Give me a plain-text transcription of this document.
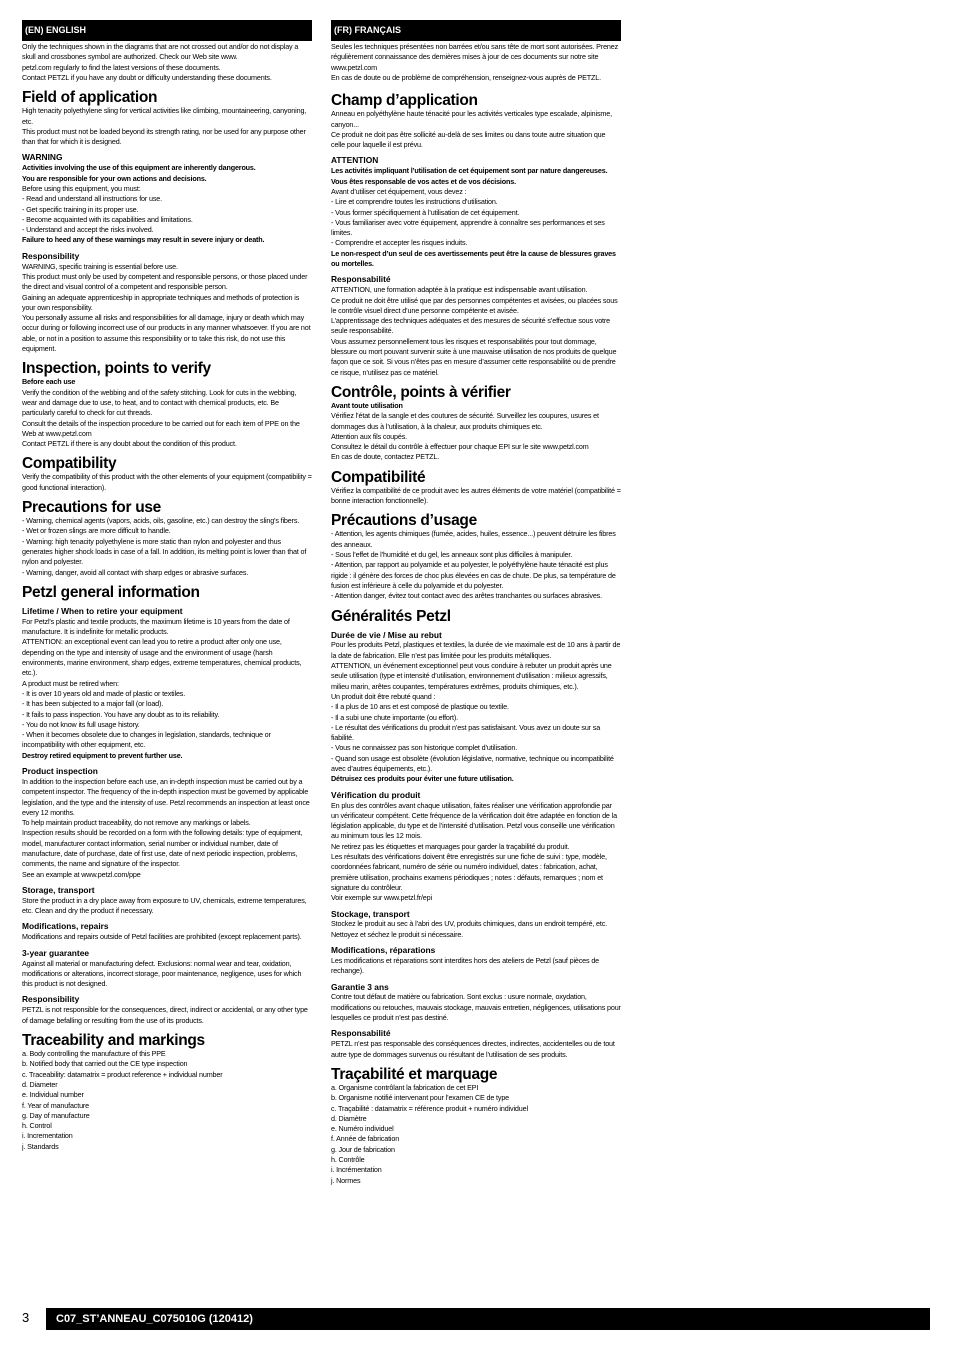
(EN) ENGLISH
Only the techniques shown in the diagrams that are not crossed out and/or do not display a skull and crossbones symbol are authorized. Check our Web site www.
petzl.com regularly to find the latest versions of these documents.
Contact PETZL if you have any doubt or difficulty understanding these documents.
Field of application
High tenacity polyethylene sling for vertical activities like climbing, mountaineering, canyoning, etc.
This product must not be loaded beyond its strength rating, nor be used for any purpose other than that for which it is designed.
WARNING
Activities involving the use of this equipment are inherently dangerous.
You are responsible for your own actions and decisions.
Before using this equipment, you must:
- Read and understand all instructions for use.
- Get specific training in its proper use.
- Become acquainted with its capabilities and limitations.
- Understand and accept the risks involved.
Failure to heed any of these warnings may result in severe injury or death.
Responsibility
WARNING, specific training is essential before use.
This product must only be used by competent and responsible persons, or those placed under the direct and visual control of a competent and responsible person.
Gaining an adequate apprenticeship in appropriate techniques and methods of protection is your own responsibility.
You personally assume all risks and responsibilities for all damage, injury or death which may occur during or following incorrect use of our products in any manner whatsoever. If you are not able, or not in a position to assume this responsibility or to take this risk, do not use this equipment.
Inspection, points to verify
Before each use
Verify the condition of the webbing and of the safety stitching. Look for cuts in the webbing, wear and damage due to use, to heat, and to contact with chemical products, etc. Be particularly careful to check for cut threads.
Consult the details of the inspection procedure to be carried out for each item of PPE on the Web at www.petzl.com
Contact PETZL if there is any doubt about the condition of this product.
Compatibility
Verify the compatibility of this product with the other elements of your equipment (compatibility = good functional interaction).
Precautions for use
- Warning, chemical agents (vapors, acids, oils, gasoline, etc.) can destroy the sling's fibers.
- Wet or frozen slings are more difficult to handle.
- Warning: high tenacity polyethylene is more static than nylon and polyester and thus generates higher shock loads in case of a fall. In addition, its melting point is lower than that of nylon and polyester.
- Warning, danger, avoid all contact with sharp edges or abrasive surfaces.
Petzl general information
Lifetime / When to retire your equipment
For Petzl's plastic and textile products, the maximum lifetime is 10 years from the date of manufacture. It is indefinite for metallic products.
ATTENTION: an exceptional event can lead you to retire a product after only one use, depending on the type and intensity of usage and the environment of usage (harsh environments, marine environment, sharp edges, extreme temperatures, chemical products, etc.).
A product must be retired when:
- It is over 10 years old and made of plastic or textiles.
- It has been subjected to a major fall (or load).
- It fails to pass inspection. You have any doubt as to its reliability.
- You do not know its full usage history.
- When it becomes obsolete due to changes in legislation, standards, technique or incompatibility with other equipment, etc.
Destroy retired equipment to prevent further use.
Product inspection
In addition to the inspection before each use, an in-depth inspection must be carried out by a competent inspector. The frequency of the in-depth inspection must be governed by applicable legislation, and the type and the intensity of use. Petzl recommends an inspection at least once every 12 months.
To help maintain product traceability, do not remove any markings or labels.
Inspection results should be recorded on a form with the following details: type of equipment, model, manufacturer contact information, serial number or individual number, date of manufacture, date of purchase, date of first use, date of next periodic inspection, problems, comments, the name and signature of the inspector.
See an example at www.petzl.com/ppe
Storage, transport
Store the product in a dry place away from exposure to UV, chemicals, extreme temperatures, etc. Clean and dry the product if necessary.
Modifications, repairs
Modifications and repairs outside of Petzl facilities are prohibited (except replacement parts).
3-year guarantee
Against all material or manufacturing defect. Exclusions: normal wear and tear, oxidation, modifications or alterations, incorrect storage, poor maintenance, negligence, uses for which this product is not designed.
Responsibility
PETZL is not responsible for the consequences, direct, indirect or accidental, or any other type of damage befalling or resulting from the use of its products.
Traceability and markings
a. Body controlling the manufacture of this PPE
b. Notified body that carried out the CE type inspection
c. Traceability: datamatrix = product reference + individual number
d. Diameter
e. Individual number
f. Year of manufacture
g. Day of manufacture
h. Control
i. Incrementation
j. Standards
(FR) FRANÇAIS
Seules les techniques présentées non barrées et/ou sans tête de mort sont autorisées. Prenez régulièrement connaissance des dernières mises à jour de ces documents sur notre site www.petzl.com
En cas de doute ou de problème de compréhension, renseignez-vous auprès de PETZL.
Champ d’application
Anneau en polyéthylène haute ténacité pour les activités verticales type escalade, alpinisme, canyon...
Ce produit ne doit pas être sollicité au-delà de ses limites ou dans toute autre situation que celle pour laquelle il est prévu.
ATTENTION
Les activités impliquant l’utilisation de cet équipement sont par nature dangereuses.
Vous êtes responsable de vos actes et de vos décisions.
Avant d’utiliser cet équipement, vous devez :
- Lire et comprendre toutes les instructions d’utilisation.
- Vous former spécifiquement à l’utilisation de cet équipement.
- Vous familiariser avec votre équipement, apprendre à connaître ses performances et ses limites.
- Comprendre et accepter les risques induits.
Le non-respect d’un seul de ces avertissements peut être la cause de blessures graves ou mortelles.
Responsabilité
ATTENTION, une formation adaptée à la pratique est indispensable avant utilisation.
Ce produit ne doit être utilisé que par des personnes compétentes et avisées, ou placées sous le contrôle visuel direct d’une personne compétente et avisée.
L’apprentissage des techniques adéquates et des mesures de sécurité s’effectue sous votre seule responsabilité.
Vous assumez personnellement tous les risques et responsabilités pour tout dommage, blessure ou mort pouvant survenir suite à une mauvaise utilisation de nos produits de quelque façon que ce soit. Si vous n’êtes pas en mesure d’assumer cette responsabilité ou de prendre ce risque, n’utilisez pas ce matériel.
Contrôle, points à vérifier
Avant toute utilisation
Vérifiez l’état de la sangle et des coutures de sécurité. Surveillez les coupures, usures et dommages dus à l’utilisation, à la chaleur, aux produits chimiques etc.
Attention aux fils coupés.
Consultez le détail du contrôle à effectuer pour chaque EPI sur le site www.petzl.com
En cas de doute, contactez PETZL.
Compatibilité
Vérifiez la compatibilité de ce produit avec les autres éléments de votre matériel (compatibilité = bonne interaction fonctionnelle).
Précautions d’usage
- Attention, les agents chimiques (fumée, acides, huiles, essence...) peuvent détruire les fibres des anneaux.
- Sous l’effet de l’humidité et du gel, les anneaux sont plus difficiles à manipuler.
- Attention, par rapport au polyamide et au polyester, le polyéthylène haute ténacité est plus rigide : il génère des forces de choc plus élevées en cas de chute. De plus, sa température de fusion est inférieure à celle du polyamide et du polyester.
- Attention danger, évitez tout contact avec des arêtes tranchantes ou surfaces abrasives.
Généralités Petzl
Durée de vie / Mise au rebut
Pour les produits Petzl, plastiques et textiles, la durée de vie maximale est de 10 ans à partir de la date de fabrication. Elle n’est pas limitée pour les produits métalliques.
ATTENTION, un événement exceptionnel peut vous conduire à rebuter un produit après une seule utilisation (type et intensité d’utilisation, environnement d’utilisation : milieux agressifs, milieu marin, arêtes coupantes, températures extrêmes, produits chimiques, etc.).
Un produit doit être rebuté quand :
- Il a plus de 10 ans et est composé de plastique ou textile.
- Il a subi une chute importante (ou effort).
- Le résultat des vérifications du produit n’est pas satisfaisant. Vous avez un doute sur sa fiabilité.
- Vous ne connaissez pas son historique complet d’utilisation.
- Quand son usage est obsolète (évolution législative, normative, technique ou incompatibilité avec d’autres équipements, etc.).
Détruisez ces produits pour éviter une future utilisation.
Vérification du produit
En plus des contrôles avant chaque utilisation, faites réaliser une vérification approfondie par un vérificateur compétent. Cette fréquence de la vérification doit être adaptée en fonction de la législation applicable, du type et de l’intensité d’utilisation. Petzl vous conseille une vérification au minimum tous les 12 mois.
Ne retirez pas les étiquettes et marquages pour garder la traçabilité du produit.
Les résultats des vérifications doivent être enregistrés sur une fiche de suivi : type, modèle, coordonnées fabricant, numéro de série ou numéro individuel, dates : fabrication, achat, première utilisation, prochains examens périodiques ; notes : défauts, remarques ; nom et signature du contrôleur.
Voir exemple sur www.petzl.fr/epi
Stockage, transport
Stockez le produit au sec à l’abri des UV, produits chimiques, dans un endroit tempéré, etc. Nettoyez et séchez le produit si nécessaire.
Modifications, réparations
Les modifications et réparations sont interdites hors des ateliers de Petzl (sauf pièces de rechange).
Garantie 3 ans
Contre tout défaut de matière ou fabrication. Sont exclus : usure normale, oxydation, modifications ou retouches, mauvais stockage, mauvais entretien, négligences, utilisations pour lesquelles ce produit n’est pas destiné.
Responsabilité
PETZL n’est pas responsable des conséquences directes, indirectes, accidentelles ou de tout autre type de dommages survenus ou résultant de l’utilisation de ses produits.
Traçabilité et marquage
a. Organisme contrôlant la fabrication de cet EPI
b. Organisme notifié intervenant pour l’examen CE de type
c. Traçabilité : datamatrix = référence produit + numéro individuel
d. Diamètre
e. Numéro individuel
f. Année de fabrication
g. Jour de fabrication
h. Contrôle
i. Incrémentation
j. Normes
3	C07_ST’ANNEAU_C075010G (120412)
